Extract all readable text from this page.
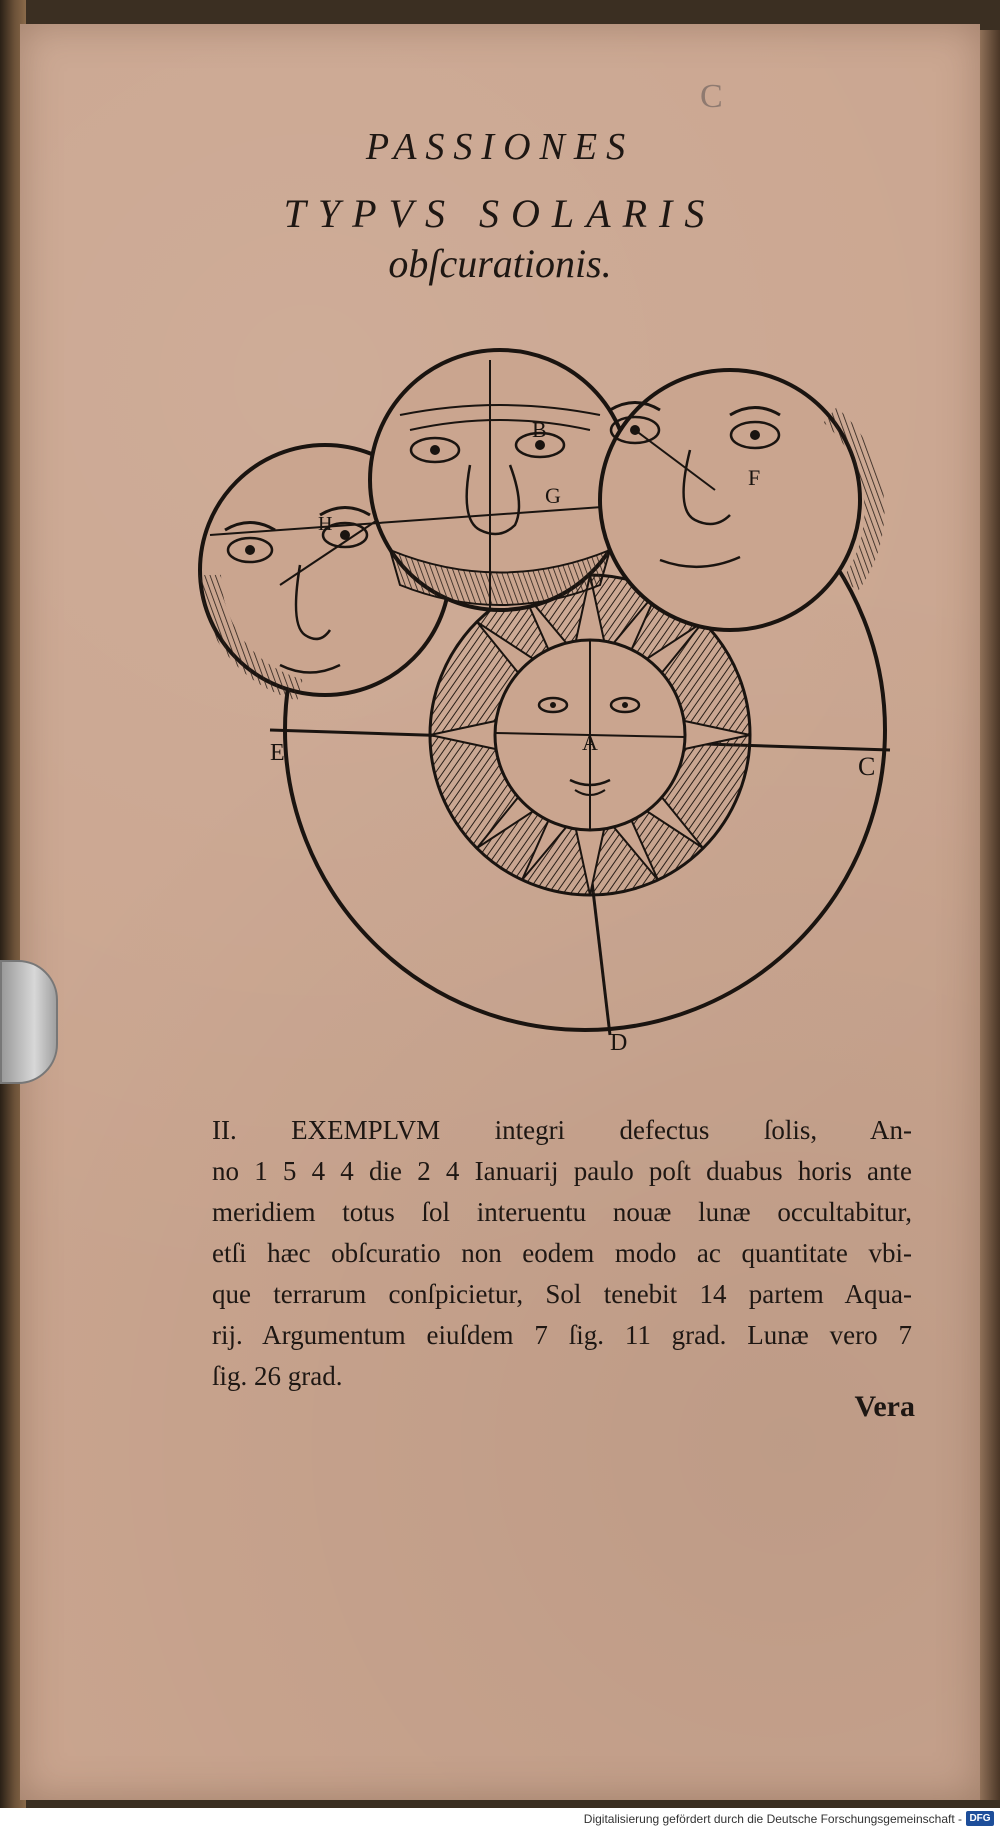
C
PASSIONES
TYPVS SOLARIS
obſcurationis.
B
G
H
F
A
E	C
D
II. EXEMPLVM integri defectus ſolis, An-
no 1 5 4 4 die 2 4 Ianuarij paulo poſt duabus horis ante
meridiem totus ſol interuentu nouæ lunæ occultabitur,
etſi hæc obſcuratio non eodem modo ac quantitate vbi-
que terrarum conſpicietur, Sol tenebit 14 partem Aqua-
rij. Argumentum eiuſdem 7 ſig. 11 grad. Lunæ vero 7
ſig. 26 grad.
Vera
Digitalisierung gefördert durch die Deutsche Forschungsgemeinschaft - DFG
